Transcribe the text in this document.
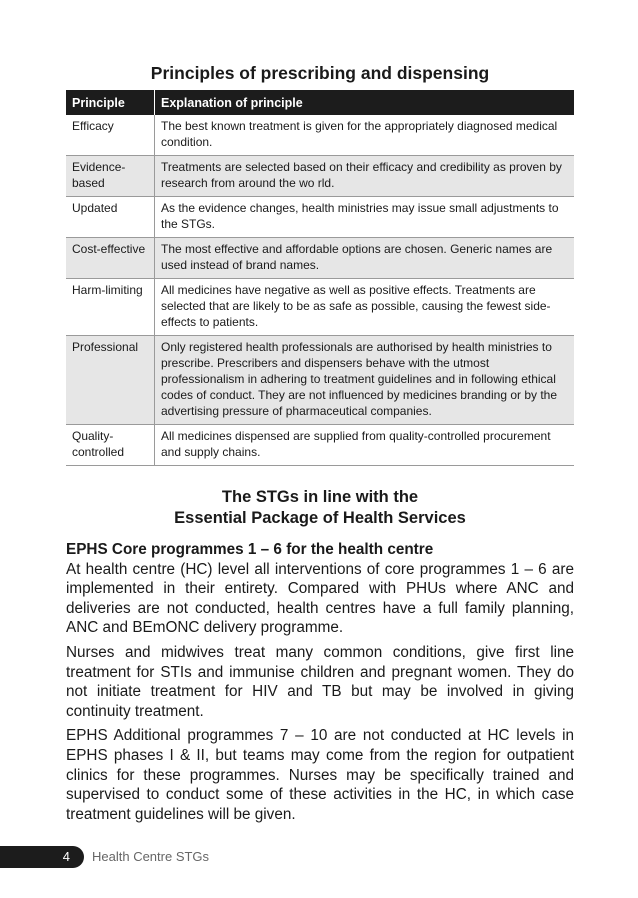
Principles of prescribing and dispensing
Principle	Explanation of principle
Efficacy	The best known treatment is given for the appropriately diagnosed medical condition.
Evidence-based	Treatments are selected based on their efficacy and credibility as proven by research from around the wo rld.
Updated	As the evidence changes, health ministries may issue small adjustments to the STGs.
Cost-effective	The most effective and affordable options are chosen. Generic names are used instead of brand names.
Harm-limiting	All medicines have negative as well as positive effects. Treatments are selected that are likely to be as safe as possible, causing the fewest side-effects to patients.
Professional	Only registered health professionals are authorised by health ministries to prescribe. Prescribers and dispensers behave with the utmost professionalism in adhering to treatment guidelines and in following ethical codes of conduct. They are not influenced by medicines branding or by the advertising pressure of pharmaceutical companies.
Quality-controlled	All medicines dispensed are supplied from quality-controlled procurement and supply chains.
The STGs in line with the
Essential Package of Health Services

EPHS Core programmes 1 – 6 for the health centre
At health centre (HC) level all interventions of core programmes 1 – 6 are implemented in their entirety. Compared with PHUs where ANC and deliveries are not conducted, health centres have a full family planning, ANC and BEmONC delivery programme.

Nurses and midwives treat many common conditions, give first line treatment for STIs and immunise children and pregnant women. They do not initiate treatment for HIV and TB but may be involved in giving continuity treatment.

EPHS Additional programmes 7 – 10 are not conducted at HC levels in EPHS phases I & II, but teams may come from the region for outpatient clinics for these programmes. Nurses may be specifically trained and supervised to conduct some of these activities in the HC, in which case treatment guidelines will be given.

4	Health Centre STGs
